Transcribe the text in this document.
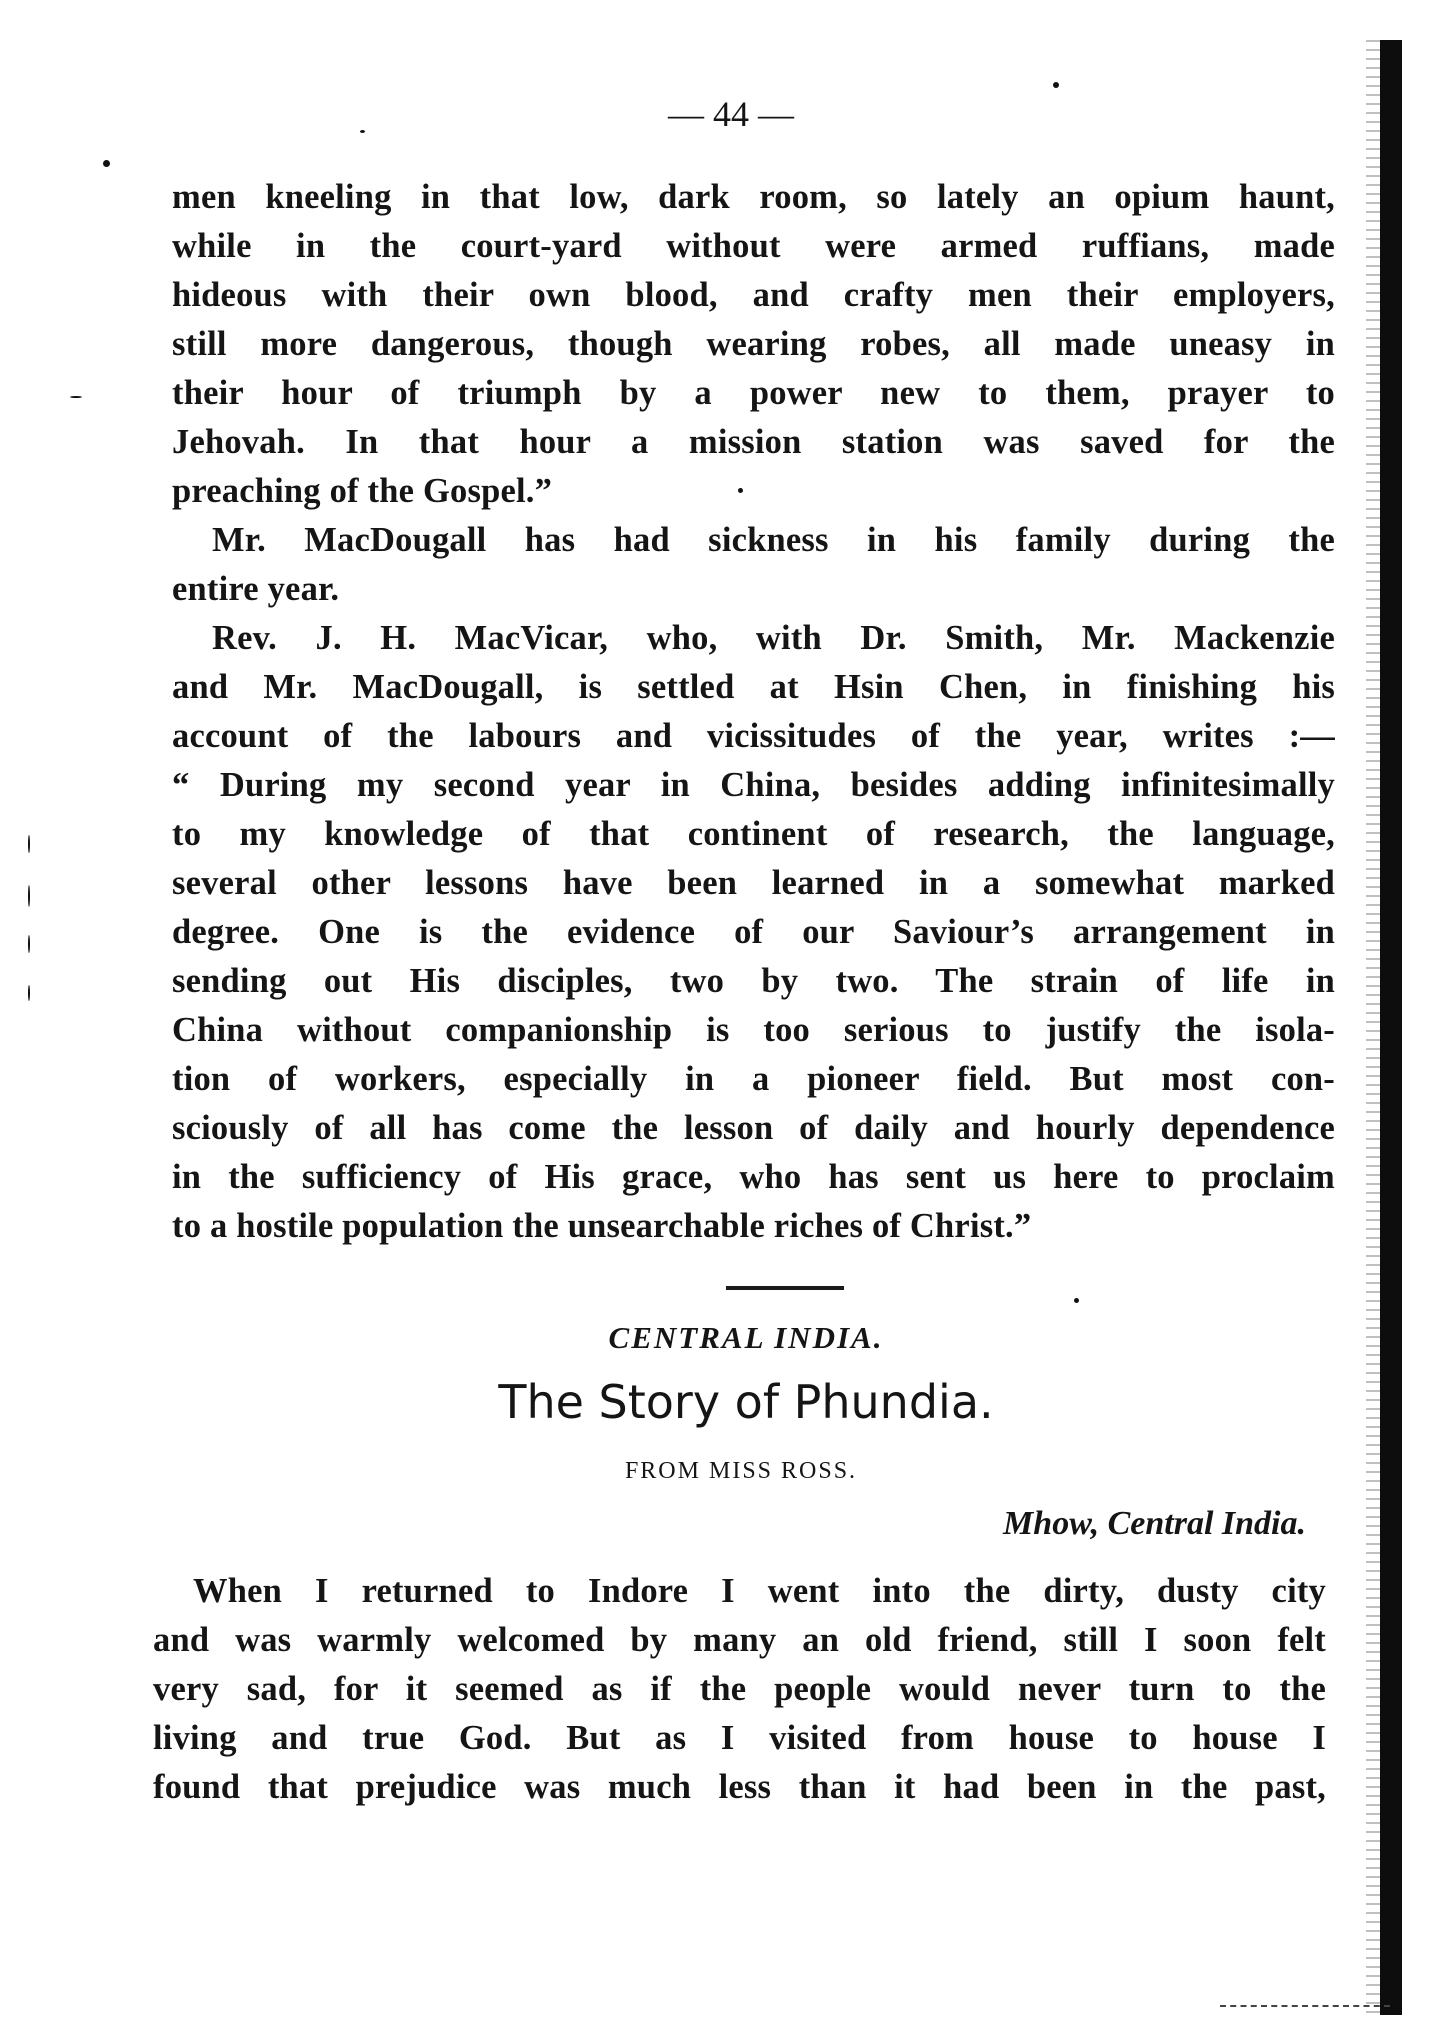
— 44 —
men kneeling in that low, dark room, so lately an opium haunt,
while in the court-yard without were armed ruffians, made
hideous with their own blood, and crafty men their employers,
still more dangerous, though wearing robes, all made uneasy in
their hour of triumph by a power new to them, prayer to
Jehovah. In that hour a mission station was saved for the
preaching of the Gospel.”
Mr. MacDougall has had sickness in his family during the
entire year.
Rev. J. H. MacVicar, who, with Dr. Smith, Mr. Mackenzie
and Mr. MacDougall, is settled at Hsin Chen, in finishing his
account of the labours and vicissitudes of the year, writes :—
“ During my second year in China, besides adding infinitesimally
to my knowledge of that continent of research, the language,
several other lessons have been learned in a somewhat marked
degree. One is the evidence of our Saviour’s arrangement in
sending out His disciples, two by two. The strain of life in
China without companionship is too serious to justify the isola-
tion of workers, especially in a pioneer field. But most con-
sciously of all has come the lesson of daily and hourly dependence
in the sufficiency of His grace, who has sent us here to proclaim
to a hostile population the unsearchable riches of Christ.”
CENTRAL INDIA.
The Story of Phundia.
FROM MISS ROSS.
Mhow, Central India.
When I returned to Indore I went into the dirty, dusty city
and was warmly welcomed by many an old friend, still I soon felt
very sad, for it seemed as if the people would never turn to the
living and true God. But as I visited from house to house I
found that prejudice was much less than it had been in the past,
